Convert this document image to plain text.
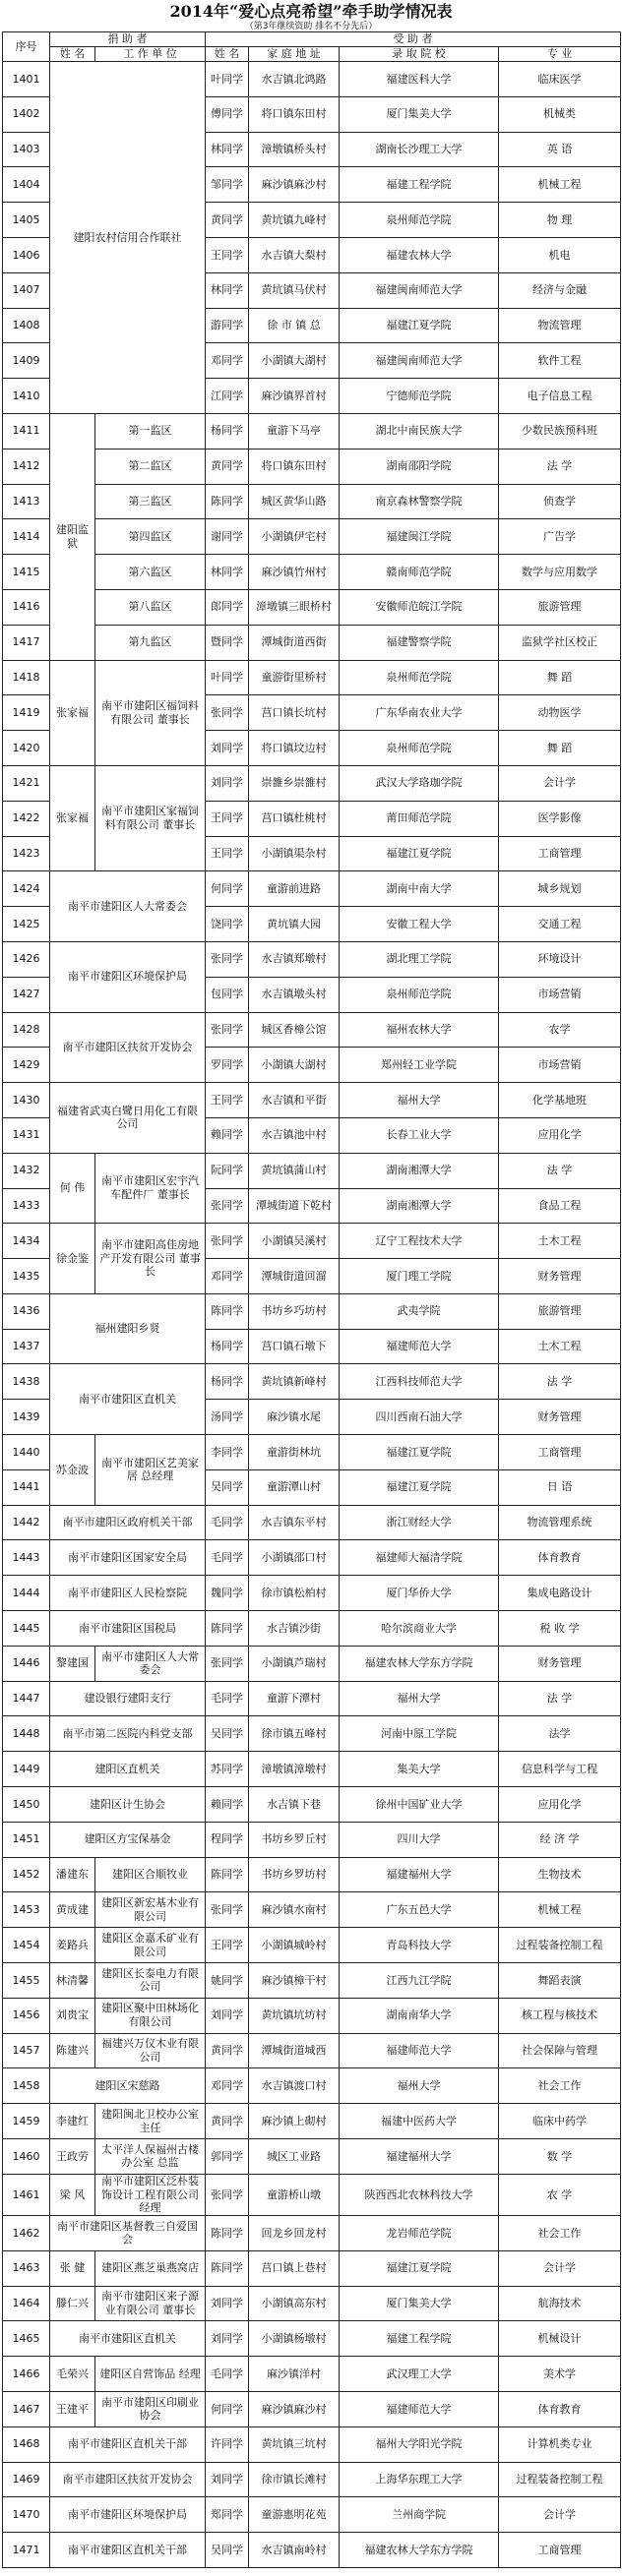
2014年“爱心点亮希望”牵手助学情况表
（第3年继续资助 排名不分先后）
序号	捐 助 者		受 助 者			
	姓 名	工 作 单 位	姓 名	家 庭 地 址	录 取 院 校	专 业
1401	建阳农村信用合作联社		叶同学	水吉镇北鸿路	福建医科大学	临床医学
1402			傅同学	将口镇东田村	厦门集美大学	机械类
1403			林同学	漳墩镇桥头村	湖南长沙理工大学	英 语
1404			邹同学	麻沙镇麻沙村	福建工程学院	机械工程
1405			黄同学	黄坑镇九峰村	泉州师范学院	物 理
1406			王同学	水吉镇大梨村	福建农林大学	机电
1407			林同学	黄坑镇马伏村	福建闽南师范大学	经济与金融
1408			游同学	徐 市 镇 总	福建江夏学院	物流管理
1409			邓同学	小湖镇大湖村	福建闽南师范大学	软件工程
1410			江同学	麻沙镇界首村	宁德师范学院	电子信息工程
1411	建阳监狱	第一监区	杨同学	童游下马亭	湖北中南民族大学	少数民族预科班
1412		第二监区	黄同学	将口镇东田村	湖南邵阳学院	法 学
1413		第三监区	陈同学	城区黄华山路	南京森林警察学院	侦查学
1414		第四监区	谢同学	小湖镇伊宅村	福建闽江学院	广告学
1415		第六监区	林同学	麻沙镇竹州村	赣南师范学院	数学与应用数学
1416		第八监区	郎同学	漳墩镇三眼桥村	安徽师范皖江学院	旅游管理
1417		第九监区	暨同学	潭城街道西街	福建警察学院	监狱学社区校正
1418	张家福	南平市建阳区福饲料有限公司 董事长	叶同学	童游街里桥村	泉州师范学院	舞 蹈
1419			张同学	莒口镇长坑村	广东华南农业大学	动物医学
1420			刘同学	将口镇坟边村	泉州师范学院	舞 蹈
1421	张家福	南平市建阳区家福饲料有限公司 董事长	刘同学	崇雒乡崇雒村	武汉大学珞珈学院	会计学
1422			王同学	莒口镇杜桃村	莆田师范学院	医学影像
1423			王同学	小湖镇渠杂村	福建江夏学院	工商管理
1424	南平市建阳区人大常委会		何同学	童游前进路	湖南中南大学	城乡规划
1425			饶同学	黄坑镇大园	安徽工程大学	交通工程
1426	南平市建阳区环境保护局		张同学	水吉镇郑墩村	湖北理工学院	环境设计
1427			包同学	水吉镇墩头村	泉州师范学院	市场营销
1428	南平市建阳区扶贫开发协会		张同学	城区香樟公馆	福州农林大学	农学
1429			罗同学	小湖镇大湖村	郑州轻工业学院	市场营销
1430	福建省武夷白鹭日用化工有限公司		王同学	水吉镇和平街	福州大学	化学基地班
1431			赖同学	水吉镇池中村	长春工业大学	应用化学
1432	何 伟	南平市建阳区宏宇汽车配件厂 董事长	阮同学	黄坑镇蒲山村	湖南湘潭大学	法 学
1433			张同学	潭城街道下乾村	湖南湘潭大学	食品工程
1434	徐金鉴	南平市建阳高佳房地产开发有限公司 董事长	张同学	小湖镇吴溪村	辽宁工程技术大学	土木工程
1435			邓同学	潭城街道回溜	厦门理工学院	财务管理
1436	福州建阳乡贤		陈同学	书坊乡巧坊村	武夷学院	旅游管理
1437			杨同学	莒口镇石墩下	福建师范大学	土木工程
1438	南平市建阳区直机关		杨同学	黄坑镇新峰村	江西科技师范大学	法 学
1439			汤同学	麻沙镇水尾	四川西南石油大学	财务管理
1440	苏金波	南平市建阳区艺美家居 总经理	李同学	童游街林坑	福建江夏学院	工商管理
1441			吴同学	童游潭山村	福建江夏学院	日 语
1442	南平市建阳区政府机关干部		毛同学	水吉镇东平村	浙江财经大学	物流管理系统
1443	南平市建阳区国家安全局		毛同学	小湖镇邵口村	福建师大福清学院	体育教育
1444	南平市建阳区人民检察院		魏同学	徐市镇松柏村	厦门华侨大学	集成电路设计
1445	南平市建阳区国税局		陈同学	水吉镇沙街	哈尔滨商业大学	税 收 学
1446	黎建国	南平市建阳区人大常委会	张同学	小湖镇芦瑞村	福建农林大学东方学院	财务管理
1447	建设银行建阳支行		毛同学	童游下潭村	福州大学	法 学
1448	南平市第二医院内科党支部		吴同学	徐市镇五峰村	河南中原工学院	法学
1449	建阳区直机关		苏同学	漳墩镇漳墩村	集美大学	信息科学与工程
1450	建阳区计生协会		赖同学	水吉镇下巷	徐州中国矿业大学	应用化学
1451	建阳区方宝保基金		程同学	书坊乡罗丘村	四川大学	经 济 学
1452	潘建东	建阳区合顺牧业	陈同学	书坊乡罗坊村	福建福州大学	生物技术
1453	黄成建	建阳区新宏基木业有限公司	张同学	麻沙镇水南村	广东五邑大学	机械工程
1454	姜路兵	建阳区金嘉禾矿业有限公司	王同学	小湖镇城岭村	青岛科技大学	过程装备控制工程
1455	林清馨	建阳区长泰电力有限公司	姚同学	麻沙镇樟干村	江西九江学院	舞蹈表演
1456	刘贵宝	建阳区聚中田林场化有限公司	刘同学	黄坑镇坑坊村	湖南南华大学	核工程与核技术
1457	陈建兴	福建兴万仪木业有限公司	黄同学	潭城街道城西	福建师范大学	社会保障与管理
1458	建阳区宋慈路		邓同学	水吉镇渡口村	福州大学	社会工作
1459	李建红	建阳闽北卫校办公室 主任	黄同学	麻沙镇上砌村	福建中医药大学	临床中药学
1460	王政劳	太平洋人保福州古楼办公室 总监	郭同学	城区工业路	福建福州大学	数 学
1461	梁 风	南平市建阳区泛朴装饰设计工程有限公司 经理	张同学	童游桥山墩	陕西西北农林科技大学	农 学
1462	南平市建阳区基督教三自爱国会		陈同学	回龙乡回龙村	龙岩师范学院	社会工作
1463	张 健	建阳区燕芝巢燕窝店	陈同学	莒口镇上巷村	福建江夏学院	会计学
1464	滕仁兴	南平市建阳区来子源业有限公司 董事长	刘同学	小湖镇高东村	厦门集美大学	航海技术
1465	南平市建阳区直机关		刘同学	小湖镇杨墩村	福建工程学院	机械设计
1466	毛荣兴	建阳区自营饰品 经理	毛同学	麻沙镇洋村	武汉理工大学	美术学
1467	王建平	南平市建阳区印刷业协会	何同学	麻沙镇麻沙村	福建师范大学	体育教育
1468	南平市建阳区直机关干部		许同学	黄坑镇三坑村	福州大学阳光学院	计算机类专业
1469	南平市建阳区扶贫开发协会		刘同学	徐市镇长滩村	上海华东理工大学	过程装备控制工程
1470	南平市建阳区环境保护局		郑同学	童游惠明花苑	兰州商学院	会计学
1471	南平市建阳区直机关干部		吴同学	水吉镇南岭村	福建农林大学东方学院	工商管理
